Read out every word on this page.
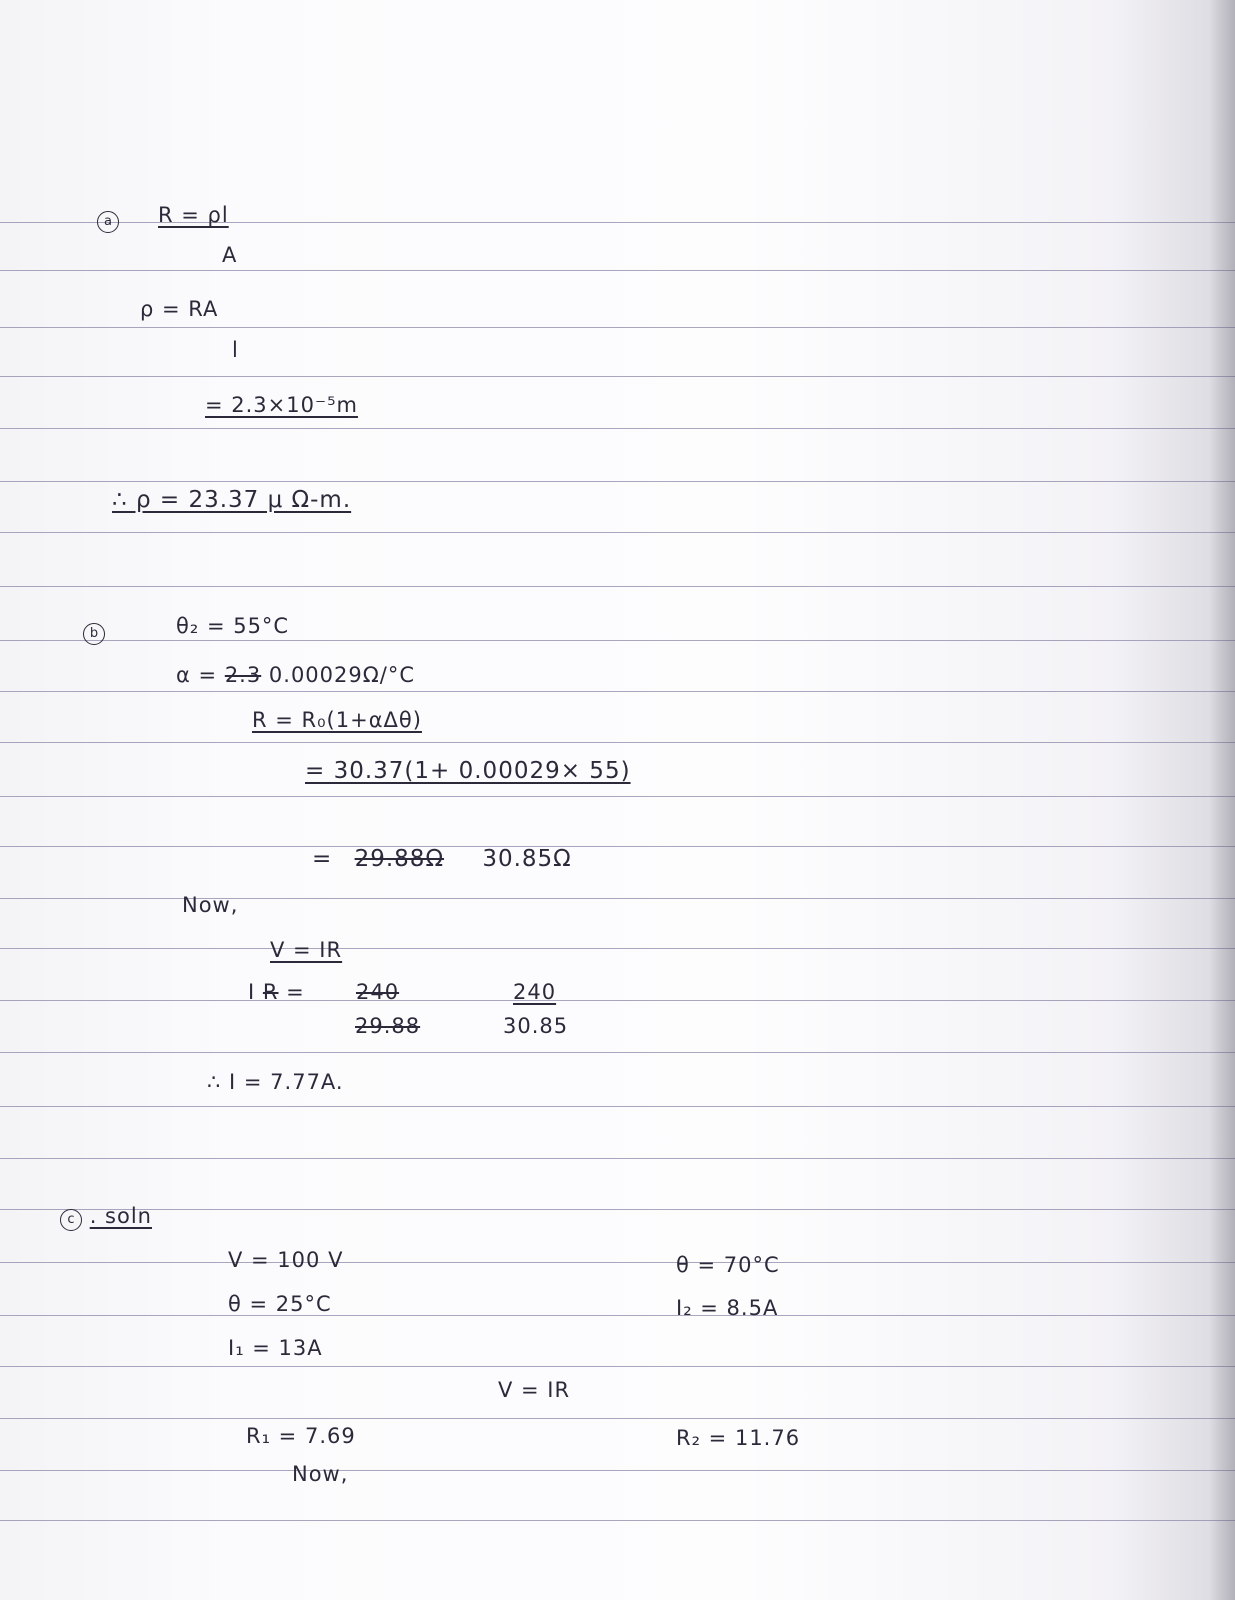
a	R = ρl
A
ρ = RA
l
= 2.3×10⁻⁵m
∴ ρ = 23.37 μ Ω-m.
b	θ₂ = 55°C
α = 2.3 0.00029Ω/°C
R = R₀(1+αΔθ)
= 30.37(1+ 0.00029× 55)
= 29.88Ω 30.85Ω
Now,
V = IR
I R = 240
29.88
240
30.85
∴ I = 7.77A.
c . soln
V = 100 V
θ = 25°C
I₁ = 13A
θ = 70°C
I₂ = 8.5A
V = IR
R₁ = 7.69	R₂ = 11.76
Now,
